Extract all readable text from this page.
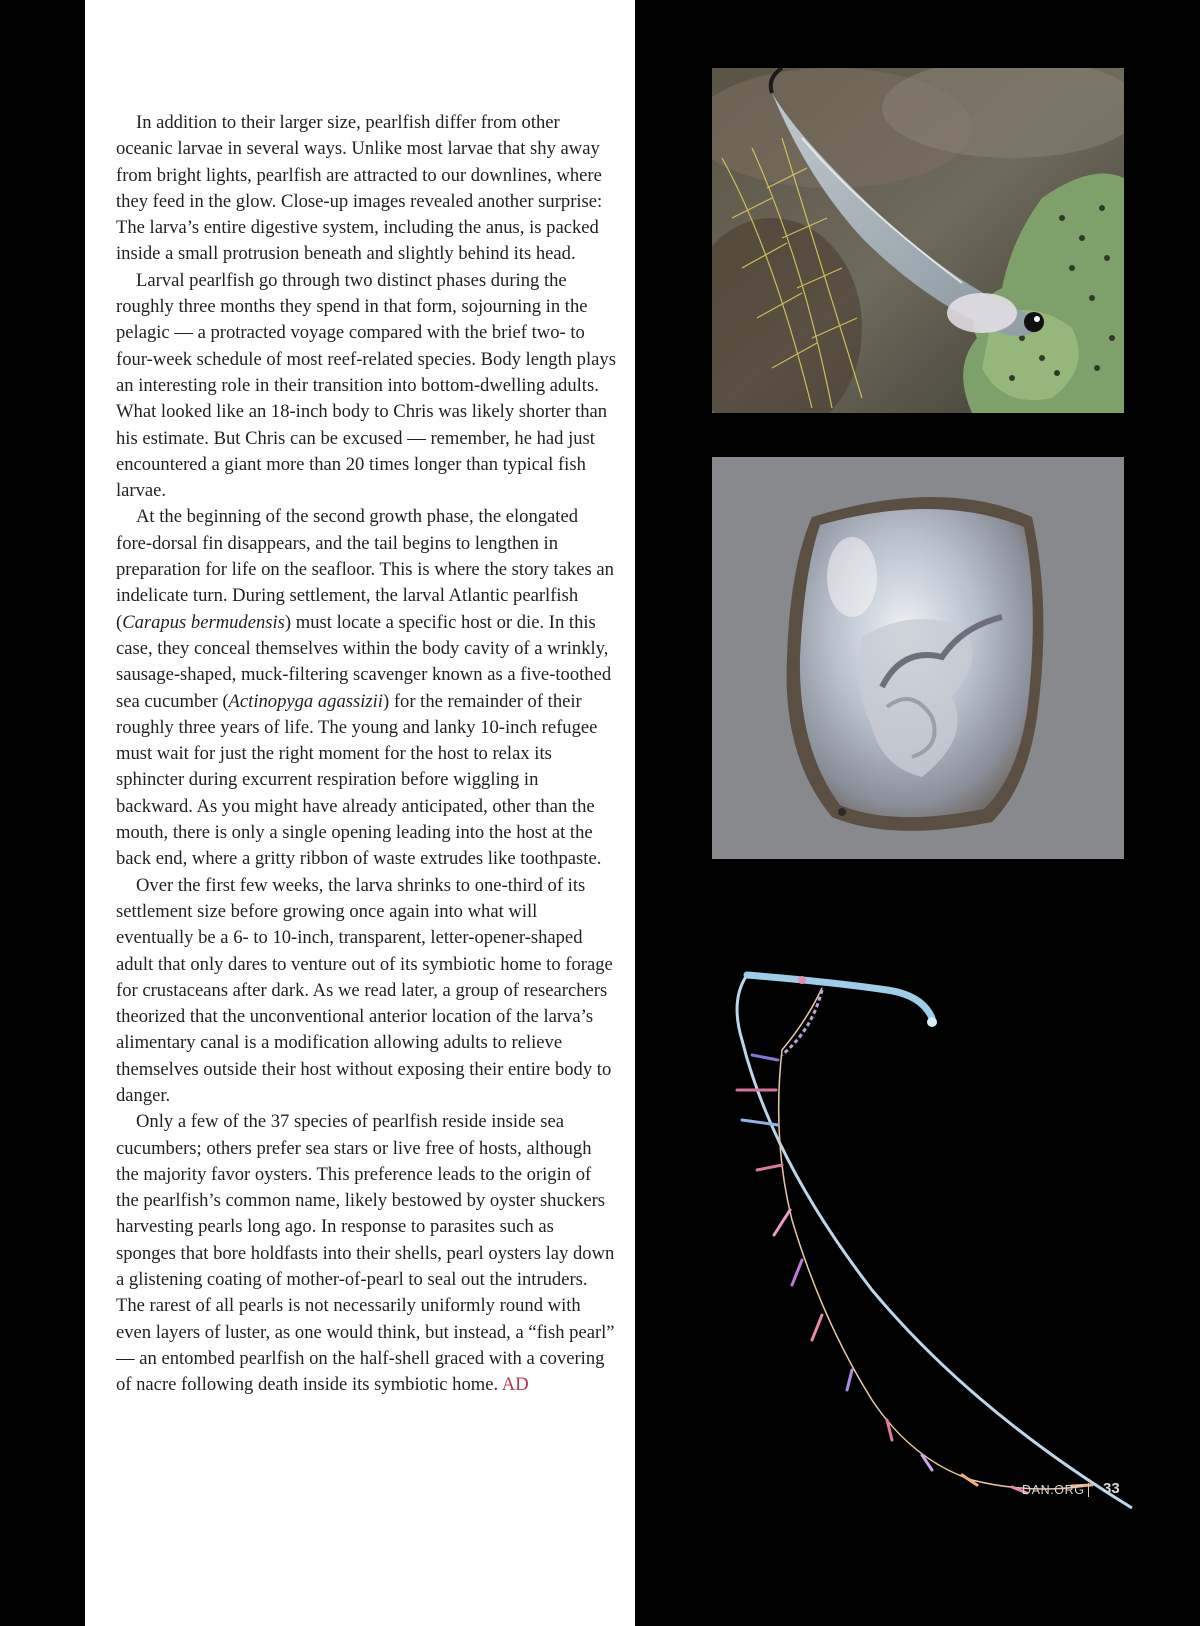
In addition to their larger size, pearlfish differ from other oceanic larvae in several ways. Unlike most larvae that shy away from bright lights, pearlfish are attracted to our downlines, where they feed in the glow. Close-up images revealed another surprise: The larva’s entire digestive system, including the anus, is packed inside a small protrusion beneath and slightly behind its head.

Larval pearlfish go through two distinct phases during the roughly three months they spend in that form, sojourning in the pelagic — a protracted voyage compared with the brief two- to four-week schedule of most reef-related species. Body length plays an interesting role in their transition into bottom-dwelling adults. What looked like an 18-inch body to Chris was likely shorter than his estimate. But Chris can be excused — remember, he had just encountered a giant more than 20 times longer than typical fish larvae.

At the beginning of the second growth phase, the elongated fore-dorsal fin disappears, and the tail begins to lengthen in preparation for life on the seafloor. This is where the story takes an indelicate turn. During settlement, the larval Atlantic pearlfish (Carapus bermudensis) must locate a specific host or die. In this case, they conceal themselves within the body cavity of a wrinkly, sausage-shaped, muck-filtering scavenger known as a five-toothed sea cucumber (Actinopyga agassizii) for the remainder of their roughly three years of life. The young and lanky 10-inch refugee must wait for just the right moment for the host to relax its sphincter during excurrent respiration before wiggling in backward. As you might have already anticipated, other than the mouth, there is only a single opening leading into the host at the back end, where a gritty ribbon of waste extrudes like toothpaste.

Over the first few weeks, the larva shrinks to one-third of its settlement size before growing once again into what will eventually be a 6- to 10-inch, transparent, letter-opener-shaped adult that only dares to venture out of its symbiotic home to forage for crustaceans after dark. As we read later, a group of researchers theorized that the unconventional anterior location of the larva’s alimentary canal is a modification allowing adults to relieve themselves outside their host without exposing their entire body to danger.

Only a few of the 37 species of pearlfish reside inside sea cucumbers; others prefer sea stars or live free of hosts, although the majority favor oysters. This preference leads to the origin of the pearlfish’s common name, likely bestowed by oyster shuckers harvesting pearls long ago. In response to parasites such as sponges that bore holdfasts into their shells, pearl oysters lay down a glistening coating of mother-of-pearl to seal out the intruders. The rarest of all pearls is not necessarily uniformly round with even layers of luster, as one would think, but instead, a “fish pearl” — an entombed pearlfish on the half-shell graced with a covering of nacre following death inside its symbiotic home. AD

DAN.ORG 33
